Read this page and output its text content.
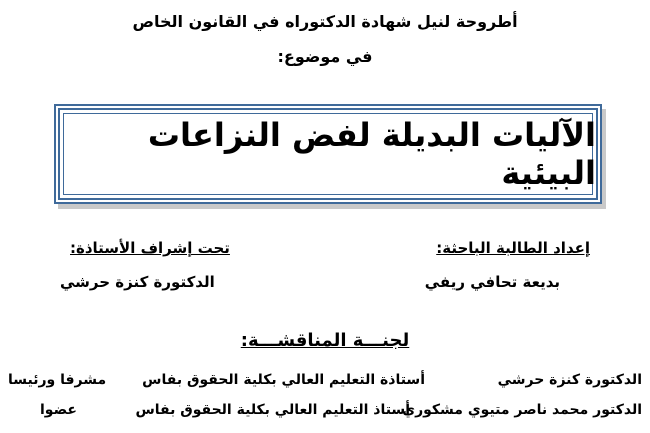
أطروحة لنيل شهادة الدكتوراه في القانون الخاص
في موضوع:
الآليات البديلة لفض النزاعات البيئية
إعداد الطالبة الباحثة:
تحت إشراف الأستاذة:
بديعة تحافي ريفي
الدكتورة كنزة حرشي
لجنـــة المناقشـــة:
الدكتورة كنزة حرشي
أستاذة التعليم العالي بكلية الحقوق بفاس
مشرفا ورئيسا
الدكتور محمد ناصر متيوي مشكوري
أستاذ التعليم العالي بكلية الحقوق بفاس
عضوا
